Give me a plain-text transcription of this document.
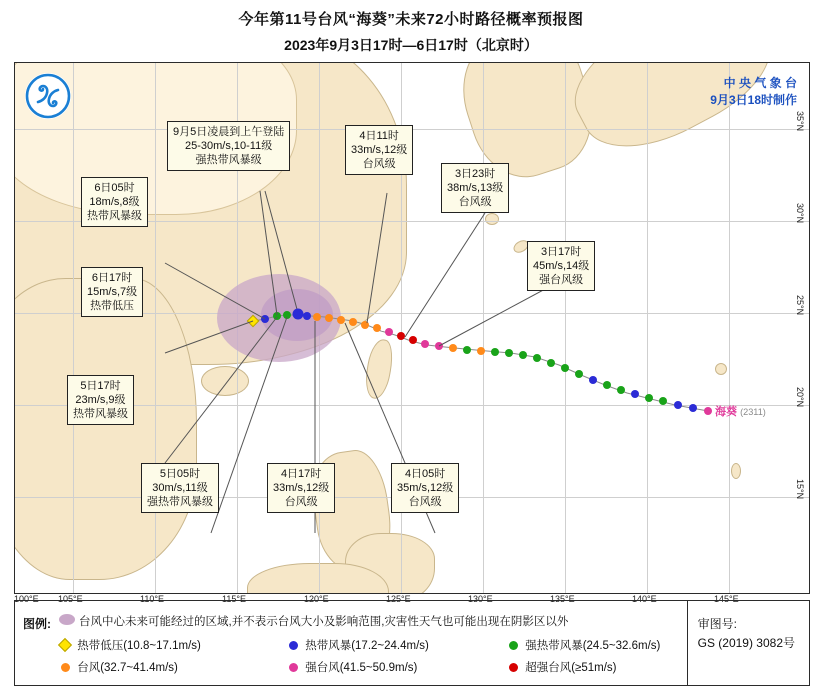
今年第11号台风“海葵”未来72小时路径概率预报图
2023年9月3日17时—6日17时（北京时）
中 央 气 象 台
9月3日18时制作
海葵 (2311)
9月5日凌晨到上午登陆
25-30m/s,10-11级
强热带风暴级
6日05时
18m/s,8级
热带风暴级
6日17时
15m/s,7级
热带低压
5日17时
23m/s,9级
热带风暴级
5日05时
30m/s,11级
强热带风暴级
4日11时
33m/s,12级
台风级
4日17时
33m/s,12级
台风级
4日05时
35m/s,12级
台风级
3日23时
38m/s,13级
台风级
3日17时
45m/s,14级
强台风级
35°N
30°N
25°N
20°N
15°N
100°E 105°E	110°E	115°E	120°E	125°E	130°E	135°E	140°E	145°E
图例: 台风中心未来可能经过的区域,并不表示台风大小及影响范围,灾害性天气也可能出现在阴影区以外
热带低压(10.8~17.1m/s)	热带风暴(17.2~24.4m/s)	强热带风暴(24.5~32.6m/s)
台风(32.7~41.4m/s)	强台风(41.5~50.9m/s)	超强台风(≥51m/s)
审图号:
GS (2019) 3082号
